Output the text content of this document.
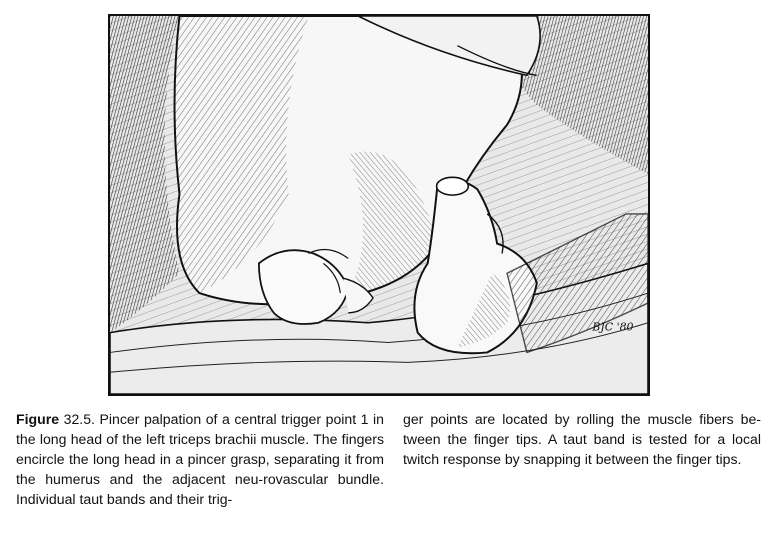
BJC '80
Figure 32.5. Pincer palpation of a central trigger point 1 in the long head of the left triceps brachii muscle. The fingers encircle the long head in a pincer grasp, separating it from the humerus and the adjacent neu-rovascular bundle. Individual taut bands and their trig-
ger points are located by rolling the muscle fibers be-tween the finger tips. A taut band is tested for a local twitch response by snapping it between the finger tips.
